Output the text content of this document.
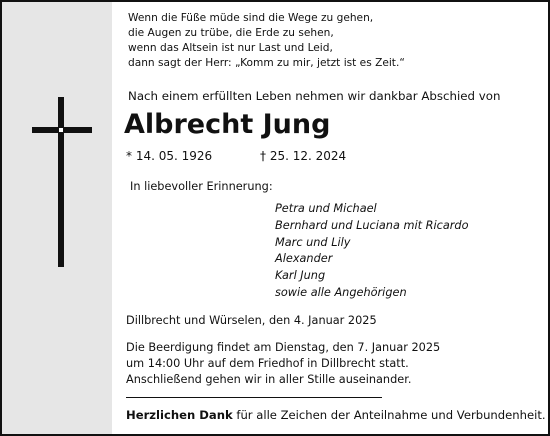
Wenn die Füße müde sind die Wege zu gehen,
die Augen zu trübe, die Erde zu sehen,
wenn das Altsein ist nur Last und Leid,
dann sagt der Herr: „Komm zu mir, jetzt ist es Zeit.“
Nach einem erfüllten Leben nehmen wir dankbar Abschied von
Albrecht Jung
* 14. 05. 1926	† 25. 12. 2024
In liebevoller Erinnerung:
Petra und Michael
Bernhard und Luciana mit Ricardo
Marc und Lily
Alexander
Karl Jung
sowie alle Angehörigen
Dillbrecht und Würselen, den 4. Januar 2025
Die Beerdigung findet am Dienstag, den 7. Januar 2025
um 14:00 Uhr auf dem Friedhof in Dillbrecht statt.
Anschließend gehen wir in aller Stille auseinander.
Herzlichen Dank für alle Zeichen der Anteilnahme und Verbundenheit.
